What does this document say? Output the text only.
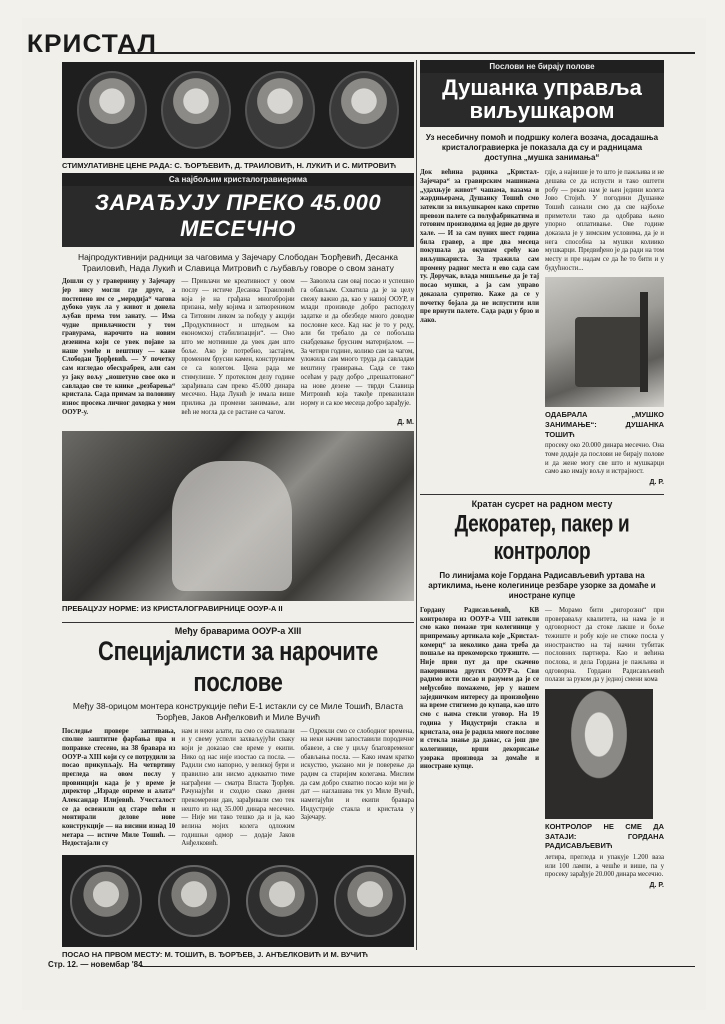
КРИСТАЛ
СТИМУЛАТИВНЕ ЦЕНЕ РАДА: С. ЂОРЂЕВИЋ, Д. ТРАИЛОВИЋ, Н. ЛУКИЋ И С. МИТРОВИЋ
Са најбољим кристалогравиерима
ЗАРАЂУЈУ ПРЕКО 45.000 МЕСЕЧНО
Најпродуктивнији радници за чаговима у Зајечару Слободан Ђорђевић, Десанка Траиловић, Нада Лукић и Славица Митровић с љубављу говоре о свом занату
Дошли су у гравернину у Зајечару јер нису могли где друге, а постепено им се „меродија“ чаговa дубоко увук ла у живот и донела љубав према том занату. — Има чудне привлачности у том гравурама, нарочито на новим дезенима који се увек појаве за наше умеће и вештину — каже Слободан Ђорђевић. — У почетку сам изгледао обесхрабрен, али сам уз јаку вољу „ношетуно свое око и савладао све те кникe „резбарења“ кристала. Сада примам за половину износ просека личног доходка у мом ООУР-у.
— Привлачи ме креативност у овом послу — истиче Десанка Траиловић која је на грађана многобројни призана, међу којима и затвореником са Титовим ликом за победу у акцији „Продуктивност и штедњом ка економској стабилизацији“. — Оно што ме мотивише да увек дам што боље. Ако је потребно, застајем, променим брусни камен, конструишем се са колегом. Цена рада ме стимулише. У протеклом делу године зарађивала сам преко 45.000 динара месечно. Нада Лукић је имала више прилика да промени занимање, али већ не могла да се растане са чагом.
— Заволела сам овај посао и успешно га обављам. Схватила да је за целу свежу важно да, као у нашој ООУР, и млади производе добро расподелу задатке и да обезбеде много доводне пословне кесе. Кад нас је то у реду, али би требало да се побољша снабдевање брусним материјалом. — За четири године, колико сам за чагом, уложила сам много труда да савладам вештину гравирања. Сада се тако осећам у раду добро „прешалтовано“ на нове дезене — тврди Славица Митровић која такође превазилази норму и са кое месеца добро зарађује.
Д. М.
ПРЕБАЦУЈУ НОРМЕ: ИЗ КРИСТАЛОГРАВИРНИЦЕ ООУР-А II
Међу браварима ООУР-а XIII
Специјалисти за нарочите послове
Међу 38-орицом монтера конструкције пећи Е-1 истакли су се Миле Тошић, Власта Ђорђев, Јаков Анђелковић и Миле Вучић
Последње провере заптивања, сполне заштитне фарбања пра и поправке стесено, на 38 бравара из ООУР-а XIII који су се потрудили за посао прикупљају. На четвртину прегледа на овом послу у провинцији када је у време је директор „Израде опреме и алата“ Александар Илијевић. Учесталост се да освежили од старе пећи и монтирали делове нове конструкције — на висини изнад 10 метара — истиче Миле Тошић. — Недостајали су
нам и неки алати, па смо се снализали и у свему успели захваљујући сваку који је доказао све време у екипи. Нико од нас није изостао са посла. — Радили смо напорно, у великој бури и правилно али нисмо адекватно тиме награђени — сматра Власта Ђорђев. Рачунајући и сходно свако дневн прекомерени дан, зарађивали смо тек нешто из над 35.000 динара месечно. — Није ми тако тешко да и ја, као велина мојих колега одложим годишњи одмор — додаје Јаков Анђелковић.
— Одрекли смо се слободног времена, на неки начин запоставили породичне обавезе, а све у циљу благовременог обављања посла. — Како имам кратко искуство, указано ми је поверење да радим са старијим колегама. Мислим да сам добро схватио посао који ми је дат — наглашава тек уз Миле Вучић, наметајући и екипи бравара Индустрије стакла и кристала у Зајечару.
ПОСАО НА ПРВОМ МЕСТУ: М. ТОШИЋ, В. ЂОРЂЕВ, Ј. АНЂЕЛКОВИЋ И М. ВУЧИЋ
Послови не бирају полове
Душанка управља виљушкаром
Уз несебичну помоћ и подршку колега возача, досадашња кристалогравиерка је показала да су и радницама доступна „мушка занимања“
Док већина радника „Кристал-Зајечара“ за гравирским машинама „удахњује живот“ чашама, вазама и жардињерама, Душанку Тошић смо затекли за виљушкаром како спретно превози палете са полуфабрикатима и готовим производима од једне до друге хале. — И за сам пуних шест година била гравер, а пре два месеца покушала да окушам срећу као виљушкариста. За тражила сам промену радног места и ево сада сам ту. Доручак, влада мишљење да је тај посао мушки, а ја сам управо доказала супротно. Каже да се у почетку бојала да не испустити или пре врнути палете. Сада ради у брзо и лако.
гдје, а највише је то што је пажљива и не дешава се да испусти и тако оштети робу — рекао нам је њен једини колега Јово Стојић. У погодини Душанке Тошић сазнали смо да све најбоље приметели тако да одобрава њено упорно оплативање. Ове године доказала је у зимским условима, да је и нега способна за мушки колиико мушкарци. Предвиђено је да ради на том месту и пре надам се да ће то бити и у будућности...
ОДАБРАЛА „МУШКО ЗАНИМАЊЕ“: ДУШАНКА ТОШИЋ
просеку око 20.000 динара месечно. Она томе додаје да послови не бирају полове и да жене могу све што и мушкарци само ако имају вољу и истрајност.
Д. Р.
Кратан сусрет на радном месту
Декоратер, пакер и контролор
По линијама које Гордана Радисављевић уртава на артиклима, њене колегинице резбаре узорке за домаће и иностране купце
Гордану Радисављевић, КВ контролора из ООУР-а VIII затекли смо како помаже три колегинице у припремању артикала које „Кристал-комерц“ за неколико дана треба да пошаље на прекоморско тржиште. — Није први пут да пре скачено пакеринима других ООУР-а. Сви радимо исти посао и разумем да је се међусобно помажемо, јер у нашем заједничком интересу да произвођено на време стигнемо до купаца, као што смо с њима стекли уговор. На 19 година у Индустрији стакла и кристала, она је радила многе послове и стекла знање да данас, са још две колегинице, врши декорисање узорака производа за домаће и иностране купце.
— Морамо бити „ригорозни“ при провераваљу квалитета, на нама је и одговорност да стоке лакше и боље тежиште и робу које не стиже посла у иностранство на тај начин тубитак пословних партнера. Као и већина послова, и дела Гордана је пажљива и одговорна. Гордани Радисављевић полази за руком да у једној смени кома
КОНТРОЛОР НЕ СМЕ ДА ЗАТАЈИ: ГОРДАНА РАДИСАВЉЕВИЋ
летира, прегледа и упакује 1.200 вазa или 100 лампи, а чешће и више, па у просеку зарађује 20.000 динара месечно.
Д. Р.
Стр. 12. — новембар '84
